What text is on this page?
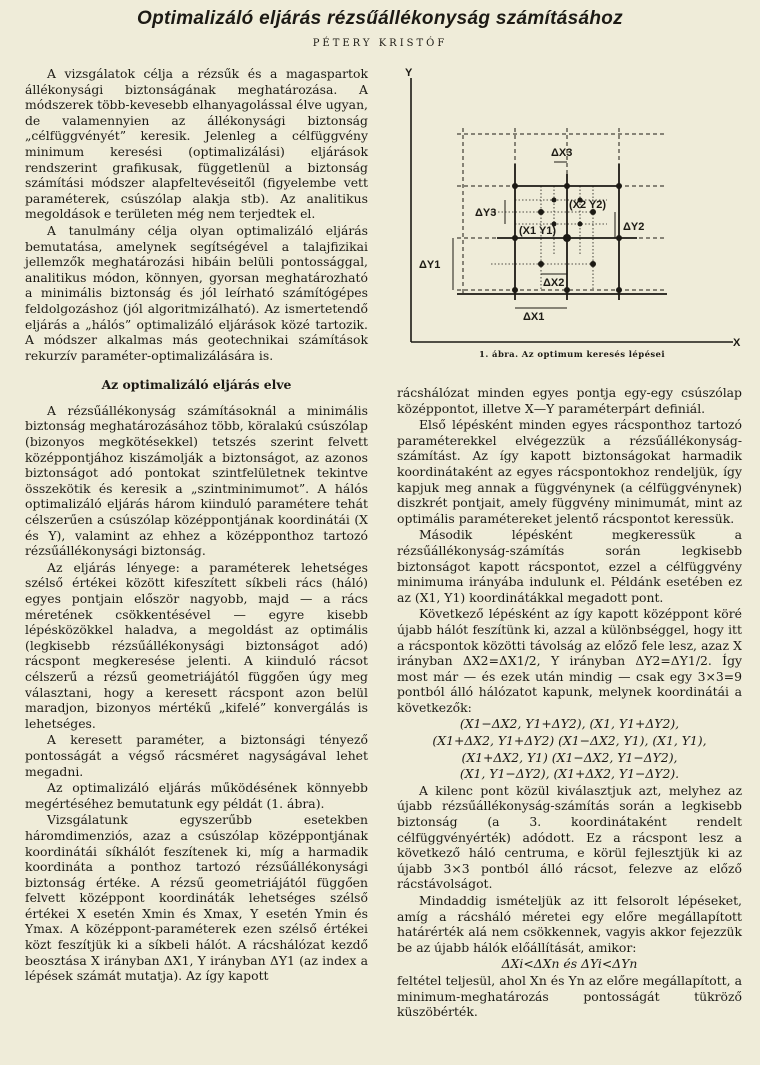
Optimalizáló eljárás rézsűállékonyság számításához
PÉTERY KRISTÓF

A vizsgálatok célja a rézsűk és a magaspartok állékonysági biztonságának meghatározása. A módszerek több-kevesebb elhanyagolással élve ugyan, de valamennyien az állékonysági biztonság „célfüggvényét” keresik. Jelenleg a célfüggvény minimum keresési (optimalizálási) eljárások rendszerint grafikusak, függetlenül a biztonság számítási módszer alapfeltevéseitől (figyelembe vett paraméterek, csúszólap alakja stb). Az analitikus megoldások e területen még nem terjedtek el.

A tanulmány célja olyan optimalizáló eljárás bemutatása, amelynek segítségével a talajfizikai jellemzők meghatározási hibáin belüli pontossággal, analitikus módon, könnyen, gyorsan meghatározható a minimális biztonság és jól leírható számítógépes feldolgozáshoz (jól algoritmizálható). Az ismertetendő eljárás a „hálós” optimalizáló eljárások közé tartozik. A módszer alkalmas más geotechnikai számítások rekurzív paraméter-optimalizálására is.

Az optimalizáló eljárás elve

A rézsűállékonyság számításoknál a minimális biztonság meghatározásához több, köralakú csúszólap (bizonyos megkötésekkel) tetszés szerint felvett középpontjához kiszámolják a biztonságot, az azonos biztonságot adó pontokat szintfelületnek tekintve összekötik és keresik a „szintminimumot”. A hálós optimalizáló eljárás három kiinduló paramétere tehát célszerűen a csúszólap középpontjának koordinátái (X és Y), valamint az ehhez a középponthoz tartozó rézsűállékonysági biztonság.

Az eljárás lényege: a paraméterek lehetséges szélső értékei között kifeszített síkbeli rács (háló) egyes pontjain először nagyobb, majd — a rács méretének csökkentésével — egyre kisebb lépésközökkel haladva, a megoldást az optimális (legkisebb rézsűállékonysági biztonságot adó) rácspont megkeresése jelenti. A kiinduló rácsot célszerű a rézsű geometriájától függően úgy meg választani, hogy a keresett rácspont azon belül maradjon, bizonyos mértékű „kifelé” konvergálás is lehetséges.

A keresett paraméter, a biztonsági tényező pontosságát a végső rácsméret nagyságával lehet megadni.

Az optimalizáló eljárás működésének könnyebb megértéséhez bemutatunk egy példát (1. ábra).

Vizsgálatunk egyszerűbb esetekben háromdimenziós, azaz a csúszólap középpontjának koordinátái síkhálót feszítenek ki, míg a harmadik koordináta a ponthoz tartozó rézsűállékonysági biztonság értéke. A rézsű geometriájától függően felvett középpont koordináták lehetséges szélső értékei X esetén Xmin és Xmax, Y esetén Ymin és Ymax. A középpont-paraméterek ezen szélső értékei közt feszítjük ki a síkbeli hálót. A rácshálózat kezdő beosztása X irányban ΔX1, Y irányban ΔY1 (az index a lépések számát mutatja). Az így kapott

Y
X
ΔX1
ΔY1
ΔY2
ΔX2
ΔX3
ΔY3
(X1 Y1)
(X2 Y2)
1. ábra. Az optimum keresés lépései

rácshálózat minden egyes pontja egy-egy csúszólap középpontot, illetve X—Y paraméterpárt definiál.

Első lépésként minden egyes rácsponthoz tartozó paraméterekkel elvégezzük a rézsűállékonyság-számítást. Az így kapott biztonságokat harmadik koordinátaként az egyes rácspontokhoz rendeljük, így kapjuk meg annak a függvénynek (a célfüggvénynek) diszkrét pontjait, amely függvény minimumát, mint az optimális paramétereket jelentő rácspontot keressük.

Második lépésként megkeressük a rézsűállékonyság-számítás során legkisebb biztonságot kapott rácspontot, ezzel a célfüggvény minimuma irányába indulunk el. Példánk esetében ez az (X1, Y1) koordinátákkal megadott pont.

Következő lépésként az így kapott középpont köré újabb hálót feszítünk ki, azzal a különbséggel, hogy itt a rácspontok közötti távolság az előző fele lesz, azaz X irányban ΔX2=ΔX1/2, Y irányban ΔY2=ΔY1/2. Így most már — és ezek után mindig — csak egy 3×3=9 pontból álló hálózatot kapunk, melynek koordinátái a következők:

(X1−ΔX2, Y1+ΔY2), (X1, Y1+ΔY2),

(X1+ΔX2, Y1+ΔY2) (X1−ΔX2, Y1), (X1, Y1),

(X1+ΔX2, Y1) (X1−ΔX2, Y1−ΔY2),

(X1, Y1−ΔY2), (X1+ΔX2, Y1−ΔY2).

A kilenc pont közül kiválasztjuk azt, melyhez az újabb rézsűállékonyság-számítás során a legkisebb biztonság (a 3. koordinátaként rendelt célfüggvényérték) adódott. Ez a rácspont lesz a következő háló centruma, e körül fejlesztjük ki az újabb 3×3 pontból álló rácsot, felezve az előző rácstávolságot.

Mindaddig ismételjük az itt felsorolt lépéseket, amíg a rácsháló méretei egy előre megállapított határérték alá nem csökkennek, vagyis akkor fejezzük be az újabb hálók előállítását, amikor:

ΔXi<ΔXn és ΔYi<ΔYn

feltétel teljesül, ahol Xn és Yn az előre megállapított, a minimum-meghatározás pontosságát tükröző küszöbérték.
